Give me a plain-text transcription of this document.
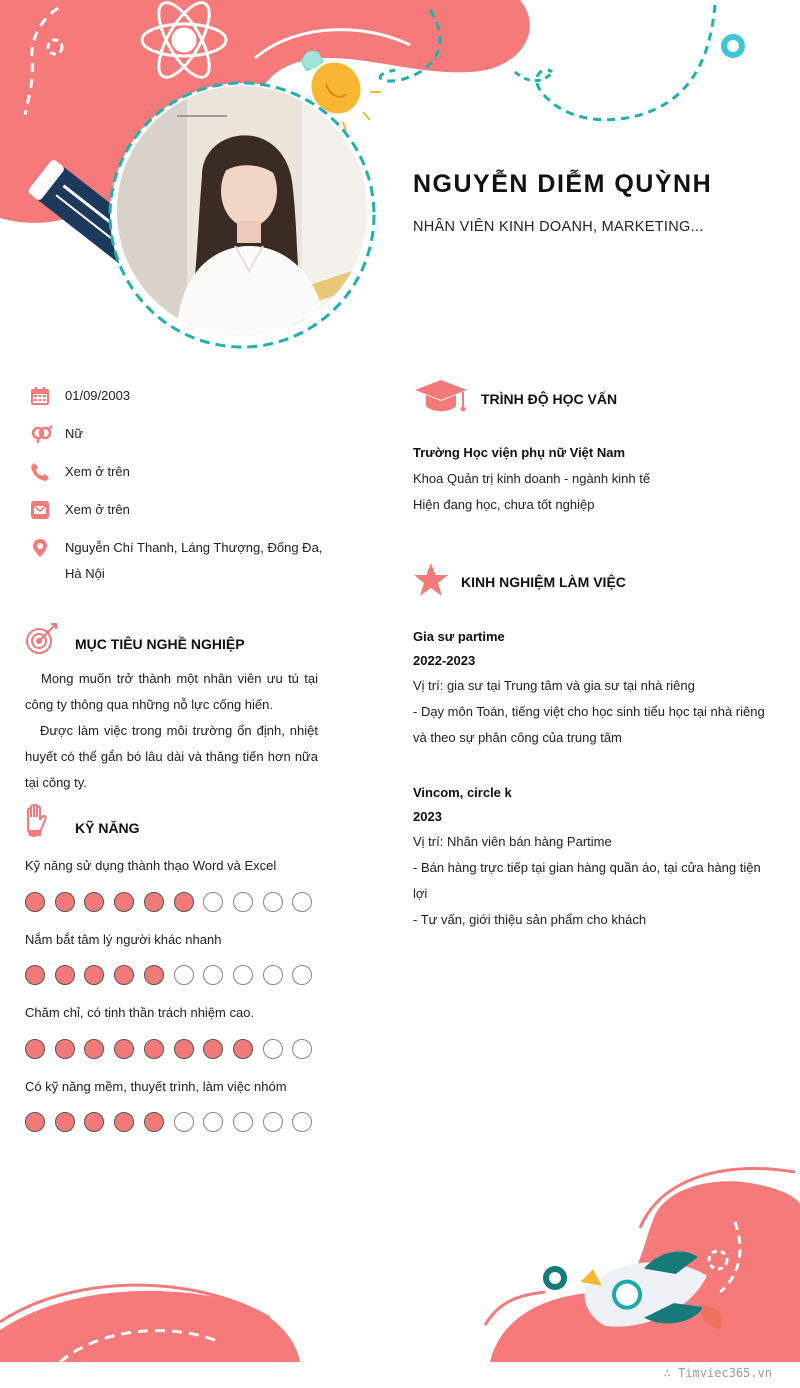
NGUYỄN DIỄM QUỲNH
NHÂN VIÊN KINH DOANH, MARKETING...
01/09/2003
Nữ
Xem ở trên
Xem ở trên
Nguyễn Chí Thanh, Láng Thượng, Đống Đa, Hà Nội
MỤC TIÊU NGHỀ NGHIỆP
Mong muốn trở thành một nhân viên ưu tú tại công ty thông qua những nỗ lực cống hiến.
Được làm việc trong môi trường ổn định, nhiệt huyết có thể gắn bó lâu dài và thăng tiến hơn nữa tại công ty.
KỸ NĂNG
Kỹ năng sử dụng thành thạo Word và Excel
Nắm bắt tâm lý người khác nhanh
Chăm chỉ, có tinh thần trách nhiệm cao.
Có kỹ năng mềm, thuyết trình, làm việc nhóm
TRÌNH ĐỘ HỌC VẤN
Trường Học viện phụ nữ Việt Nam
Khoa Quản trị kinh doanh - ngành kinh tế
Hiện đang học, chưa tốt nghiệp
KINH NGHIỆM LÀM VIỆC
Gia sư partime
2022-2023
Vị trí: gia sư tại Trung tâm và gia sư tại nhà riêng
- Dạy môn Toán, tiếng việt cho học sinh tiểu học tại nhà riêng và theo sự phân công của trung tâm
Vincom, circle k
2023
Vị trí: Nhân viên bán hàng Partime
- Bán hàng trực tiếp tại gian hàng quần áo, tại cửa hàng tiện lợi
- Tư vấn, giới thiệu sản phẩm cho khách
∴ Timviec365.vn
